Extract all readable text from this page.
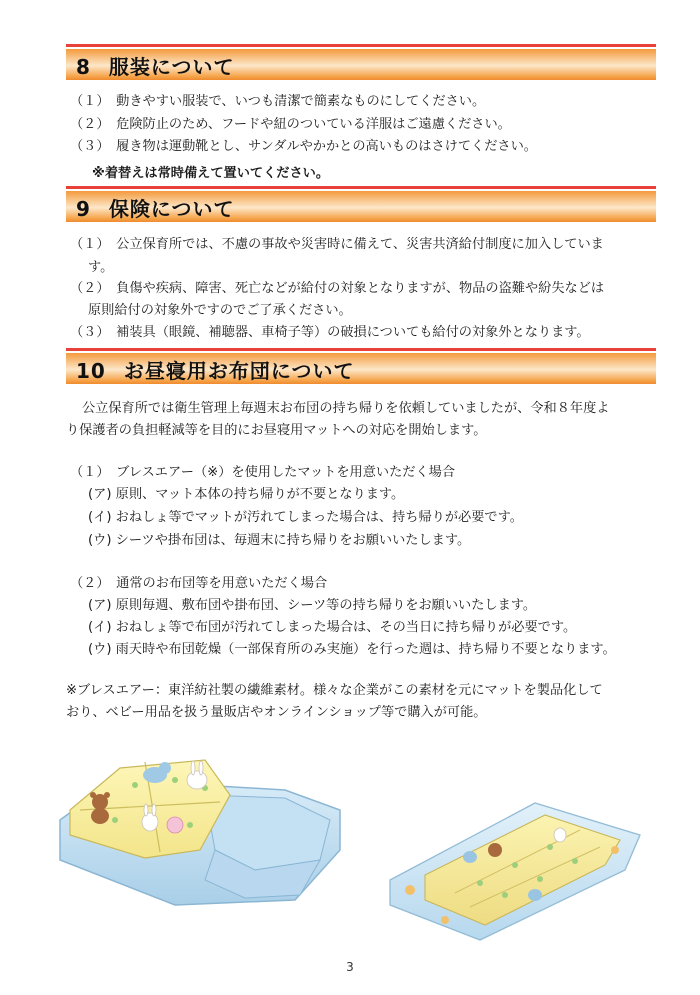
8 服装について
（１）　動きやすい服装で、いつも清潔で簡素なものにしてください。
（２）　危険防止のため、フードや紐のついている洋服はご遠慮ください。
（３）　履き物は運動靴とし、サンダルやかかとの高いものはさけてください。
※着替えは常時備えて置いてください。
9 保険について
（１）　公立保育所では、不慮の事故や災害時に備えて、災害共済給付制度に加入していま
す。
（２）　負傷や疾病、障害、死亡などが給付の対象となりますが、物品の盗難や紛失などは
原則給付の対象外ですのでご了承ください。
（３）　補装具（眼鏡、補聴器、車椅子等）の破損についても給付の対象外となります。
10 お昼寝用お布団について
公立保育所では衛生管理上毎週末お布団の持ち帰りを依頼していましたが、令和８年度よ
り保護者の負担軽減等を目的にお昼寝用マットへの対応を開始します。
（１）　ブレスエアー（※）を使用したマットを用意いただく場合
(ア) 原則、マット本体の持ち帰りが不要となります。
(イ) おねしょ等でマットが汚れてしまった場合は、持ち帰りが必要です。
(ウ) シーツや掛布団は、毎週末に持ち帰りをお願いいたします。
（２）　通常のお布団等を用意いただく場合
(ア) 原則毎週、敷布団や掛布団、シーツ等の持ち帰りをお願いいたします。
(イ) おねしょ等で布団が汚れてしまった場合は、その当日に持ち帰りが必要です。
(ウ) 雨天時や布団乾燥（一部保育所のみ実施）を行った週は、持ち帰り不要となります。
※ブレスエアー：東洋紡社製の繊維素材。様々な企業がこの素材を元にマットを製品化して
おり、ベビー用品を扱う量販店やオンラインショップ等で購入が可能。
3
